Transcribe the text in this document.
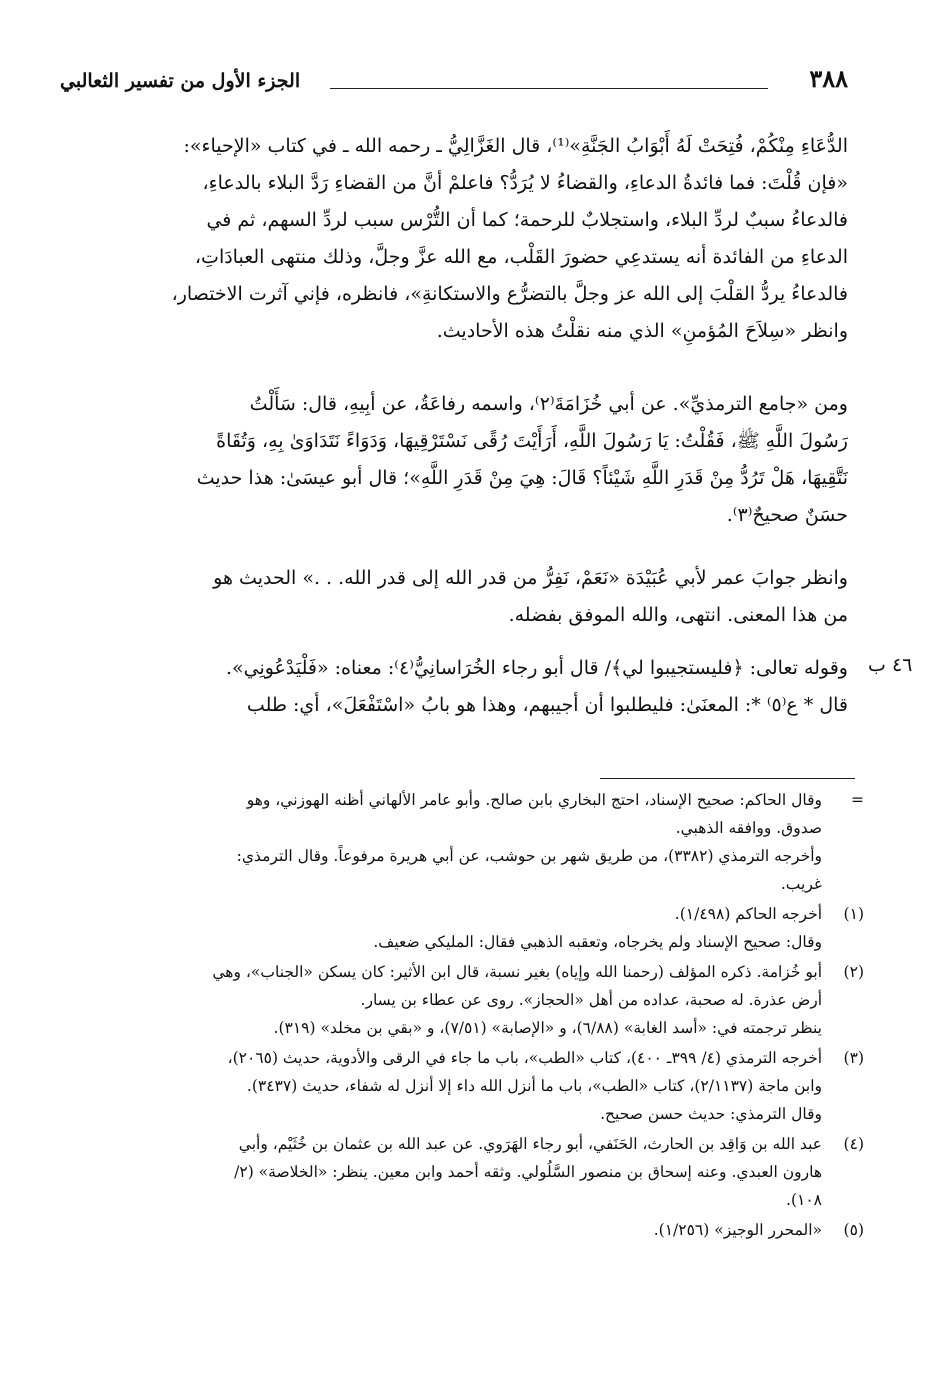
٣٨٨
الجزء الأول من تفسير الثعالبي

الدُّعَاءِ مِنْكُمْ، فُتِحَتْ لَهُ أَبْوَابُ الجَنَّةِ»⁽¹⁾، قال الغَزَّالِيُّ ـ رحمه الله ـ في كتاب «الإحياء»:
«فإن قُلْتَ: فما فائدةُ الدعاءِ، والقضاءُ لا يُرَدُّ؟ فاعلمْ أنَّ من القضاءِ رَدَّ البلاء بالدعاءِ،
فالدعاءُ سببٌ لردِّ البلاء، واستجلابٌ للرحمة؛ كما أن التُّرْس سبب لردِّ السهم، ثم في
الدعاءِ من الفائدة أنه يستدعِي حضورَ القَلْب، مع الله عزَّ وجلَّ، وذلك منتهى العبادَاتِ،
فالدعاءُ يردُّ القلْبَ إلى الله عز وجلَّ بالتضرُّع والاستكانةِ»، فانظره، فإني آثرت الاختصار،
وانظر «سِلاَحَ المُؤمنِ» الذي منه نقلْتُ هذه الأحاديث.

ومن «جامع الترمذيِّ». عن أبي خُزَامَةَ⁽٢⁾، واسمه رفاعَةُ، عن أبِيهِ، قال: سَأَلْتُ
رَسُولَ اللَّهِ ﷺ، فَقُلْتُ: يَا رَسُولَ اللَّهِ، أَرَأَيْتَ رُقًى نَسْتَرْقِيهَا، وَدَوَاءً نَتَدَاوَىٰ بِهِ، وَتُقَاةً
نَتَّقِيهَا، هَلْ تَرُدُّ مِنْ قَدَرِ اللَّهِ شَيْئاً؟ قَالَ: هِيَ مِنْ قَدَرِ اللَّهِ»؛ قال أبو عيسَىٰ: هذا حديث
حسَنٌ صحيحٌ⁽٣⁾.

وانظر جوابَ عمر لأبي عُبَيْدَة «نَعَمْ، نَفِرُّ من قدر الله إلى قدر الله. . .» الحديث هو
من هذا المعنى. انتهى، والله الموفق بفضله.

وقوله تعالى: ﴿فليستجيبوا لي﴾/ قال أبو رجاء الخُرَاسانِيُّ⁽٤⁾: معناه: «فَلْيَدْعُونِي».
قال * ع⁽٥⁾ *: المعنَىٰ: فليطلبوا أن أجيبهم، وهذا هو بابُ «اسْتَفْعَلَ»، أي: طلب

٤٦ ب
=
وقال الحاكم: صحيح الإسناد، احتج البخاري بابن صالح. وأبو عامر الألهاني أظنه الهوزني، وهو
صدوق. ووافقه الذهبي.
وأخرجه الترمذي (٣٣٨٢)، من طريق شهر بن حوشب، عن أبي هريرة مرفوعاً. وقال الترمذي:
غريب.
(١)
أخرجه الحاكم (١/٤٩٨).
وقال: صحيح الإسناد ولم يخرجاه، وتعقبه الذهبي فقال: المليكي ضعيف.
(٢)
أبو خُزامة. ذكره المؤلف (رحمنا الله وإياه) بغير نسبة، قال ابن الأثير: كان يسكن «الجناب»، وهي
أرض عذرة. له صحبة، عداده من أهل «الحجاز». روى عن عطاء بن يسار.
ينظر ترجمته في: «أسد الغابة» (٦/٨٨)، و «الإصابة» (٧/٥١)، و «بقي بن مخلد» (٣١٩).
(٣)
أخرجه الترمذي (٤/ ٣٩٩ـ ٤٠٠)، كتاب «الطب»، باب ما جاء في الرقى والأدوية، حديث (٢٠٦٥)،
وابن ماجة (٢/١١٣٧)، كتاب «الطب»، باب ما أنزل الله داء إلا أنزل له شفاء، حديث (٣٤٣٧).
وقال الترمذي: حديث حسن صحيح.
(٤)
عبد الله بن وَاقِد بن الحارث، الحَنَفي، أبو رجاء الهَرَوي. عن عبد الله بن عثمان بن خُثَيْم، وأبي
هارون العبدي. وعنه إسحاق بن منصور السَّلُولي. وثقه أحمد وابن معين. ينظر: «الخلاصة» (٢/
١٠٨).
(٥)
«المحرر الوجيز» (١/٢٥٦).
